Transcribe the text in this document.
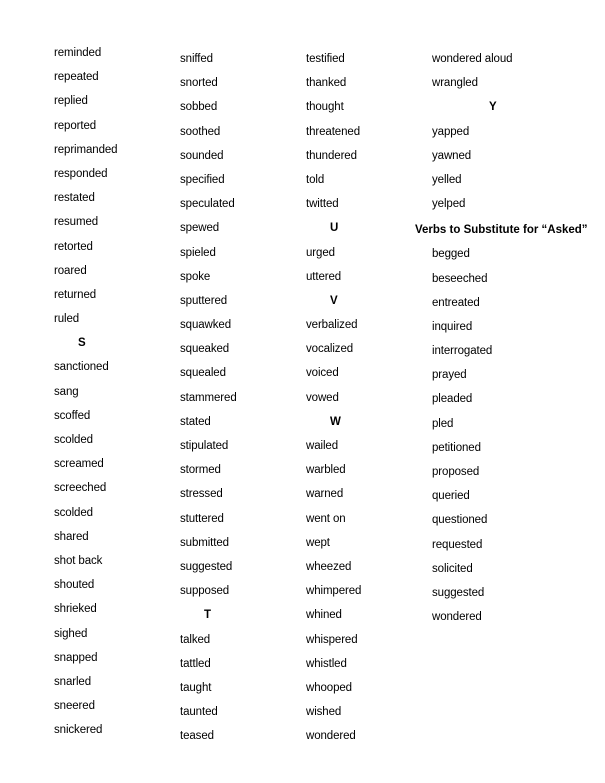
reminded
repeated
replied
reported
reprimanded
responded
restated
resumed
retorted
roared
returned
ruled
S
sanctioned
sang
scoffed
scolded
screamed
screeched
scolded
shared
shot back
shouted
shrieked
sighed
snapped
snarled
sneered
snickered
sniffed
snorted
sobbed
soothed
sounded
specified
speculated
spewed
spieled
spoke
sputtered
squawked
squeaked
squealed
stammered
stated
stipulated
stormed
stressed
stuttered
submitted
suggested
supposed
T
talked
tattled
taught
taunted
teased
testified
thanked
thought
threatened
thundered
told
twitted
U
urged
uttered
V
verbalized
vocalized
voiced
vowed
W
wailed
warbled
warned
went on
wept
wheezed
whimpered
whined
whispered
whistled
whooped
wished
wondered
wondered aloud
wrangled
Y
yapped
yawned
yelled
yelped
Verbs to Substitute for “Asked”
begged
beseeched
entreated
inquired
interrogated
prayed
pleaded
pled
petitioned
proposed
queried
questioned
requested
solicited
suggested
wondered
